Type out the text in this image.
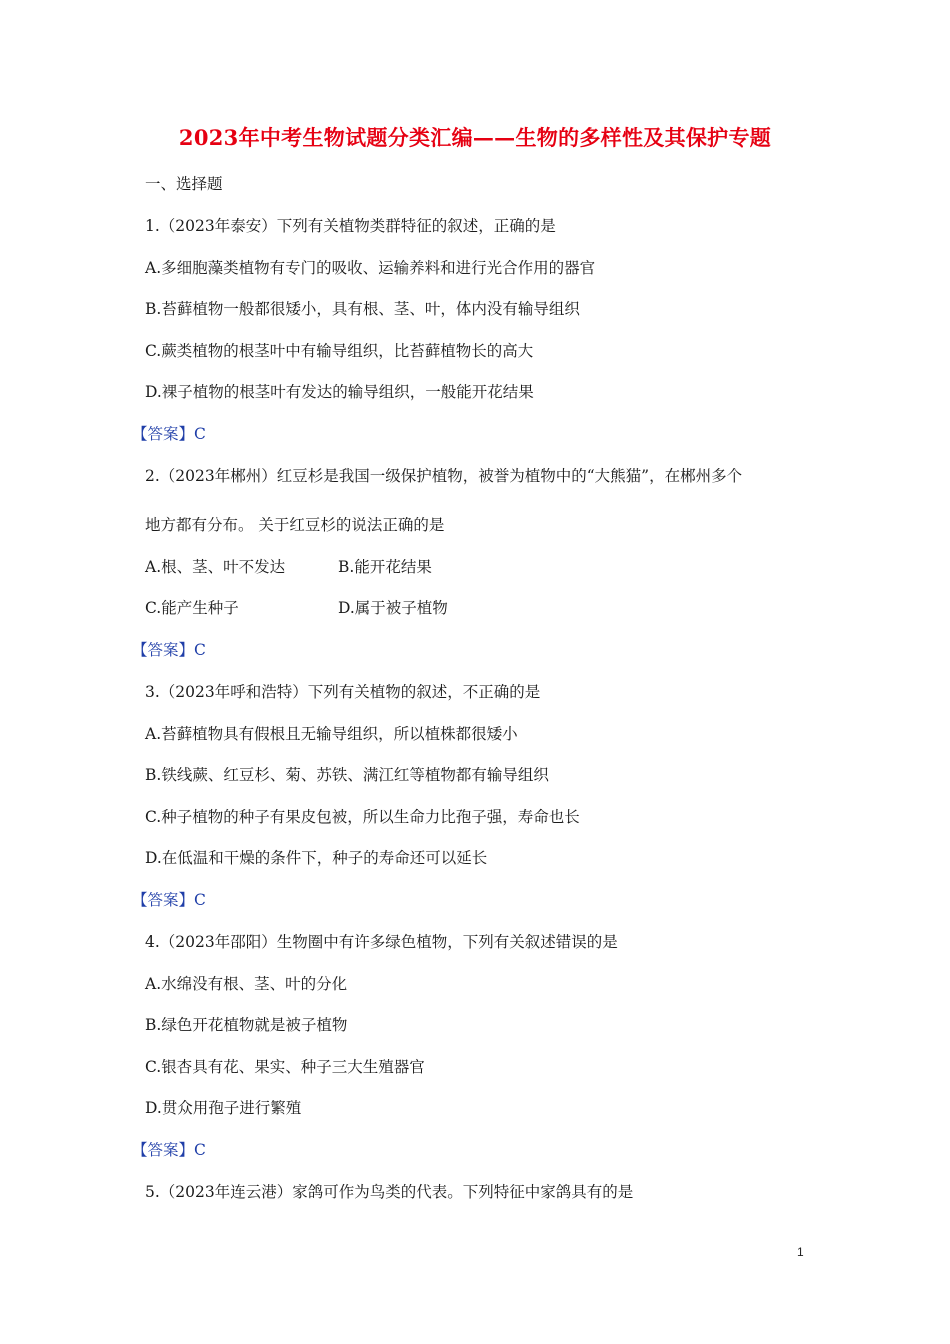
2023年中考生物试题分类汇编——生物的多样性及其保护专题
一、选择题
1.（2023年泰安）下列有关植物类群特征的叙述，正确的是
A.多细胞藻类植物有专门的吸收、运输养料和进行光合作用的器官
B.苔藓植物一般都很矮小，具有根、茎、叶，体内没有输导组织
C.蕨类植物的根茎叶中有输导组织，比苔藓植物长的高大
D.裸子植物的根茎叶有发达的输导组织，一般能开花结果
【答案】C
2.（2023年郴州）红豆杉是我国一级保护植物，被誉为植物中的“大熊猫”，在郴州多个
地方都有分布。 关于红豆杉的说法正确的是
A.根、茎、叶不发达	B.能开花结果
C.能产生种子	D.属于被子植物
【答案】C
3.（2023年呼和浩特）下列有关植物的叙述，不正确的是
A.苔藓植物具有假根且无输导组织，所以植株都很矮小
B.铁线蕨、红豆杉、菊、苏铁、满江红等植物都有输导组织
C.种子植物的种子有果皮包被，所以生命力比孢子强，寿命也长
D.在低温和干燥的条件下，种子的寿命还可以延长
【答案】C
4.（2023年邵阳）生物圈中有许多绿色植物，下列有关叙述错误的是
A.水绵没有根、茎、叶的分化
B.绿色开花植物就是被子植物
C.银杏具有花、果实、种子三大生殖器官
D.贯众用孢子进行繁殖
【答案】C
5.（2023年连云港）家鸽可作为鸟类的代表。下列特征中家鸽具有的是
1
